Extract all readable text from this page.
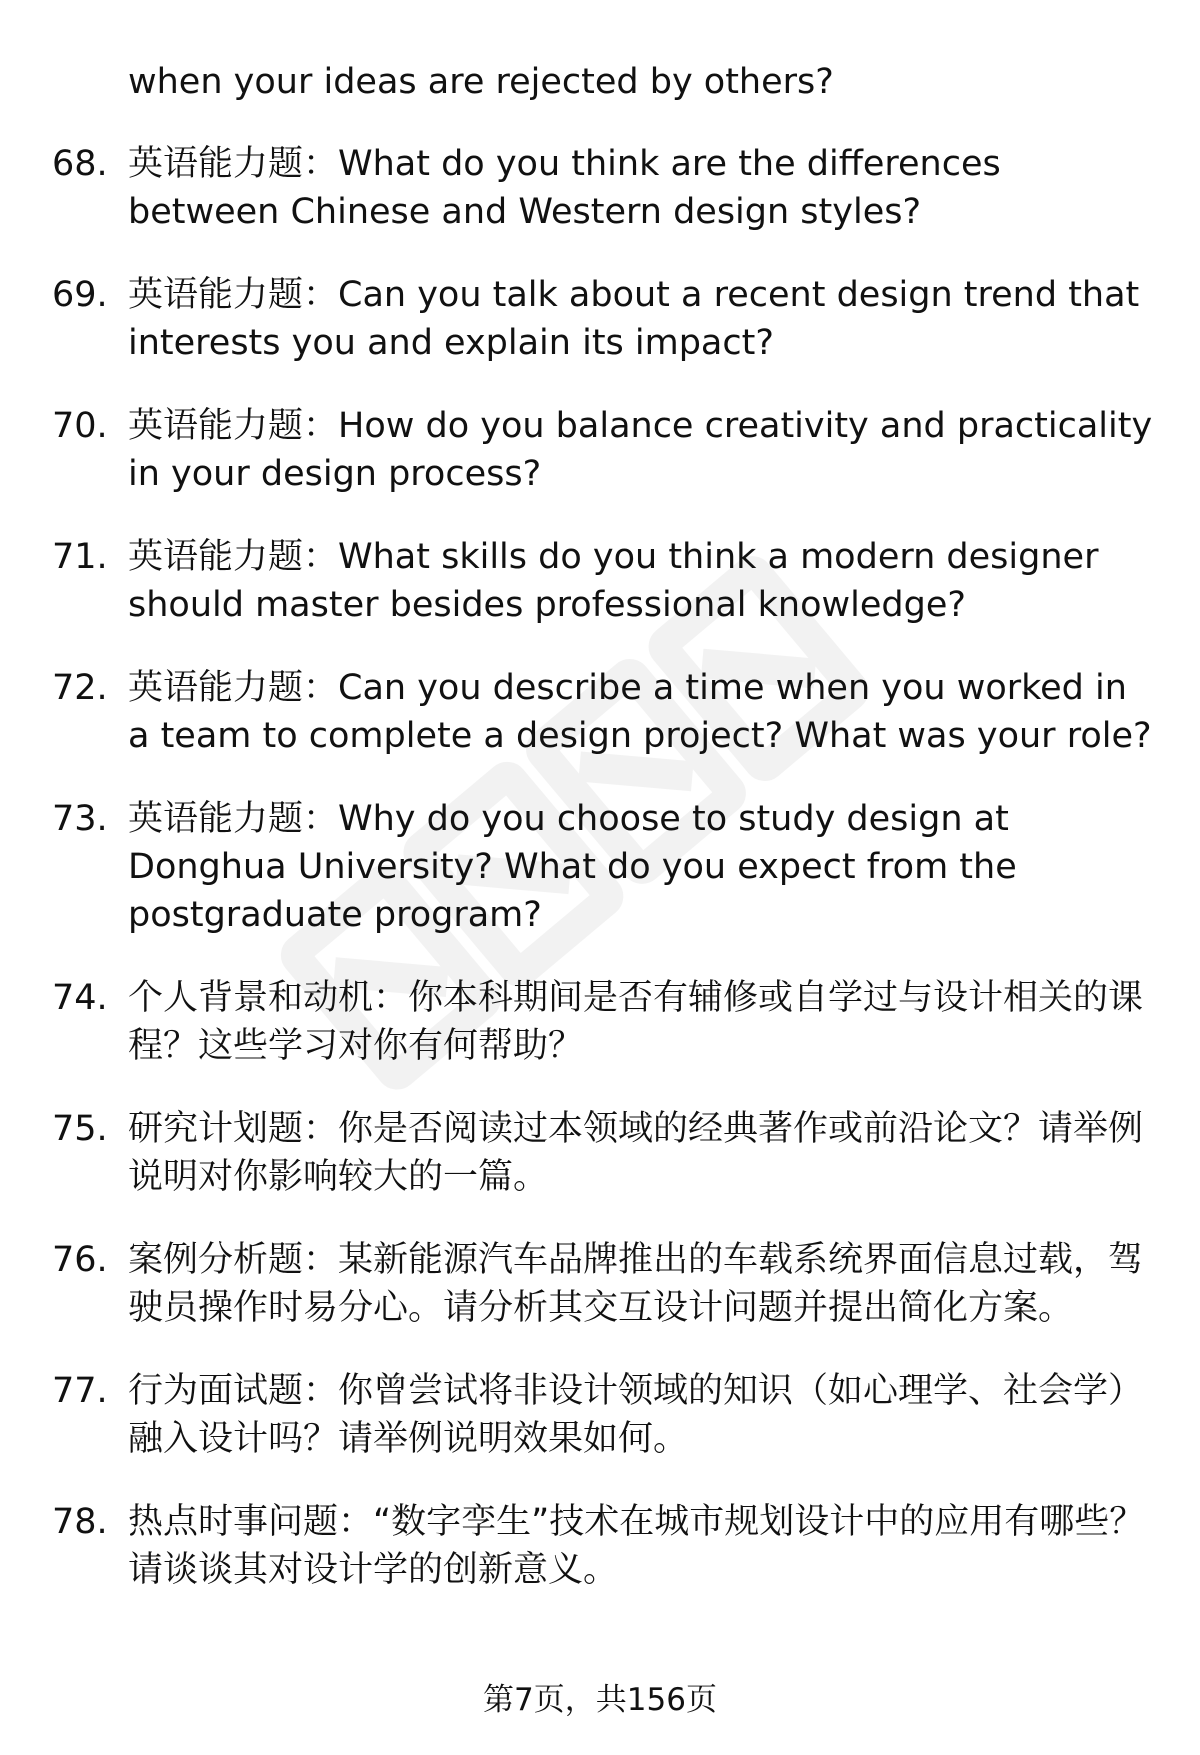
when your ideas are rejected by others?

68. 英语能力题：What do you think are the differences between Chinese and Western design styles?
69. 英语能力题：Can you talk about a recent design trend that interests you and explain its impact?
70. 英语能力题：How do you balance creativity and practicality in your design process?
71. 英语能力题：What skills do you think a modern designer should master besides professional knowledge?
72. 英语能力题：Can you describe a time when you worked in a team to complete a design project? What was your role?
73. 英语能力题：Why do you choose to study design at Donghua University? What do you expect from the postgraduate program?
74. 个人背景和动机：你本科期间是否有辅修或自学过与设计相关的课程？这些学习对你有何帮助？
75. 研究计划题：你是否阅读过本领域的经典著作或前沿论文？请举例说明对你影响较大的一篇。
76. 案例分析题：某新能源汽车品牌推出的车载系统界面信息过载，驾驶员操作时易分心。请分析其交互设计问题并提出简化方案。
77. 行为面试题：你曾尝试将非设计领域的知识（如心理学、社会学）融入设计吗？请举例说明效果如何。
78. 热点时事问题：“数字孪生”技术在城市规划设计中的应用有哪些？请谈谈其对设计学的创新意义。
第7页，共156页
